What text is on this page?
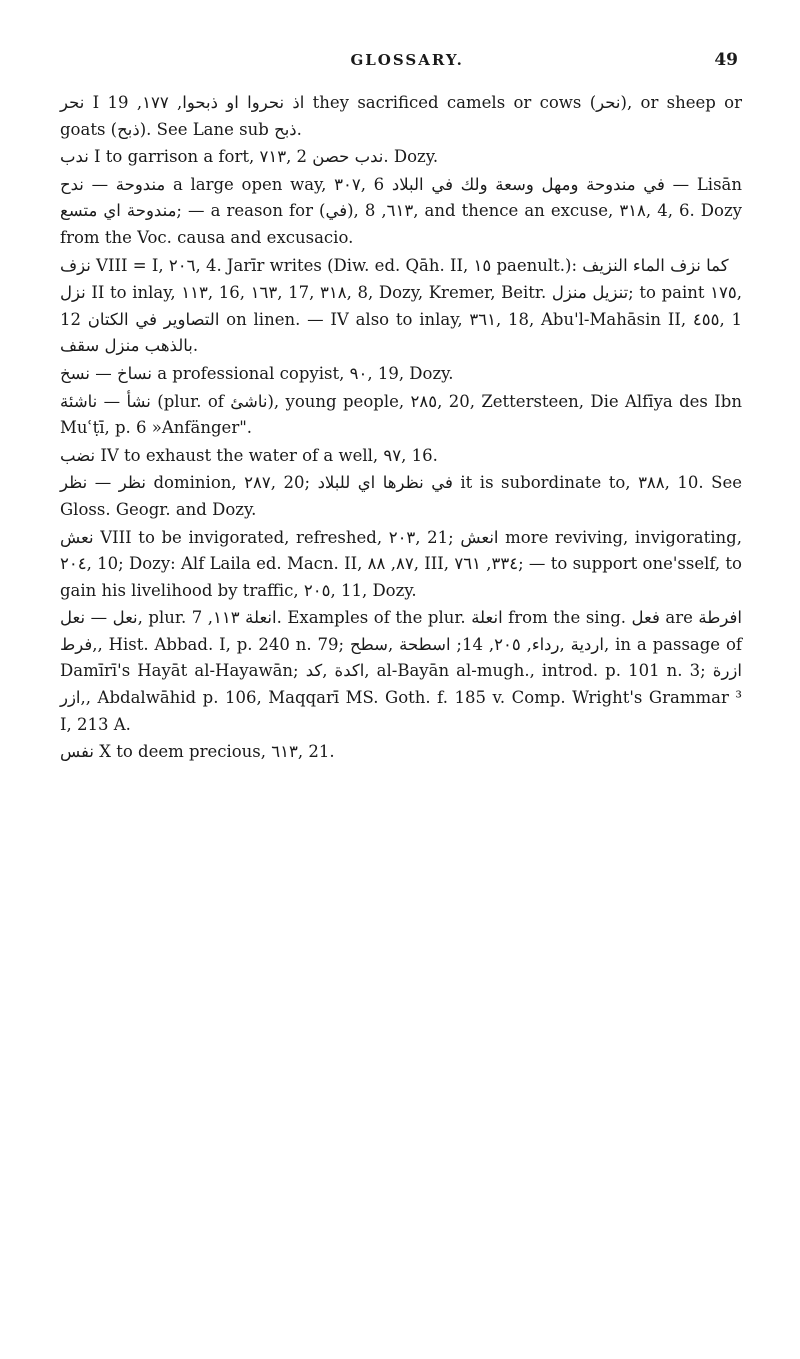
GLOSSARY.	49

ﻧﺤﺮ I ﺍﺫ ﻧﺤﺮﻭﺍ ﺍﻭ ﺫﺑﺤﻮﺍ, ١٧٧, 19 they sacrificed camels or cows (ﻧﺤﺮ), or sheep or goats (ﺫﺑﺢ). See Lane sub ﺫﺑﺢ.

ﻧﺪﺏ I to garrison a fort, ٧١٣, 2 ﻧﺪﺏ ﺣﺼﻦ. Dozy.

ﻣﻨﺪﻭﺣﺔ — ﻧﺪﺡ a large open way, ٣٠٧, 6 ﻓﻲ ﻣﻨﺪﻭﺣﺔ ﻭﻣﻬﻞ ﻭﺳﻌﺔ ﻭﻟﻚ ﻓﻲ ﺍﻟﺒﻠﺎﺩ — Lisān ﻣﻨﺪﻭﺣﺔ ﺍﻱ ﻣﺘﺴﻊ; — a reason for (ﻓﻲ), ٦١٣, 8, and thence an excuse, ٣١٨, 4, 6. Dozy from the Voc. causa and excusacio.

ﻧﺰﻑ VIII = I, ٢٠٦, 4. Jarīr writes (Diw. ed. Qāh. II, ١٥ paenult.): ﻛﻤﺎ ﻧﺰﻑ ﺍﻟﻤﺎﺀ ﺍﻟﻨﺰﻳﻒ

ﻧﺰﻝ II to inlay, ١١٣, 16, ١٦٣, 17, ٣١٨, 8, Dozy, Kremer, Beitr. ﺗﻨﺰﻳﻞ ﻣﻨﺰﻝ; to paint ١٧٥, 12 ﺍﻟﺘﺼﺎﻭﻳﺮ ﻓﻲ ﺍﻟﻜﺘﺎﻥ on linen. — IV also to inlay, ٣٦١, 18, Abu'l-Mahāsin II, ٤٥٥, 1 ﺑﺎﻟﺬﻫﺐ ﻣﻨﺰﻝ ﺳﻘﻒ.

ﻧﺴﺎﺥ — ﻧﺴﺦ a professional copyist, ٩٠, 19, Dozy.

ﻧﺸﺄ — ﻧﺎﺷﺌﺔ (plur. of ﻧﺎﺷﺊ), young people, ٢٨٥, 20, Zettersteen, Die Alfīya des Ibn Muʿṭī, p. 6 »Anfänger".

ﻧﻀﺐ IV to exhaust the water of a well, ٩٧, 16.

ﻧﻈﺮ — ﻧﻈﺮ dominion, ٢٨٧, 20; ﻓﻲ ﻧﻈﺮﻫﺎ ﺍﻱ ﻟﻠﺒﻠﺎﺩ it is subordinate to, ٣٨٨, 10. See Gloss. Geogr. and Dozy.

ﻧﻌﺶ VIII to be invigorated, refreshed, ٢٠٣, 21; ﺍﻧﻌﺶ more reviving, invigorating, ٢٠٤, 10; Dozy: Alf Laila ed. Macn. II, ٨٧, ٨٨, III, ٣٣٤, ٧٦١; — to support one'sself, to gain his livelihood by traffic, ٢٠٥, 11, Dozy.

ﻧﻌﻞ — ﻧﻌﻞ, plur. ﺍﻧﻌﻠﺔ ١١٣, 7. Examples of the plur. ﺍﻧﻌﻠﺔ from the sing. ﻓﻌﻞ are ﺍﻓﺮﻃﺔ ,ﻓﺮﻁ, Hist. Abbad. I, p. 240 n. 79; ﺍﺭﺩﻳﺔ ,ﺭﺩﺍﺀ, ٢٠٥, 14; ﺍﺳﻄﺤﺔ ,ﺳﻄﺢ, in a passage of Damīrī's Hayāt al-Hayawān; ﺍﻛﺪﺓ ,ﻛﺪ, al-Bayān al-mugh., introd. p. 101 n. 3; ﺍﺯﺭﺓ ,ﺍﺯﺭ, Abdalwāhid p. 106, Maqqarī MS. Goth. f. 185 v. Comp. Wright's Grammar ³ I, 213 A.

ﻧﻔﺲ X to deem precious, ٦١٣, 21.
